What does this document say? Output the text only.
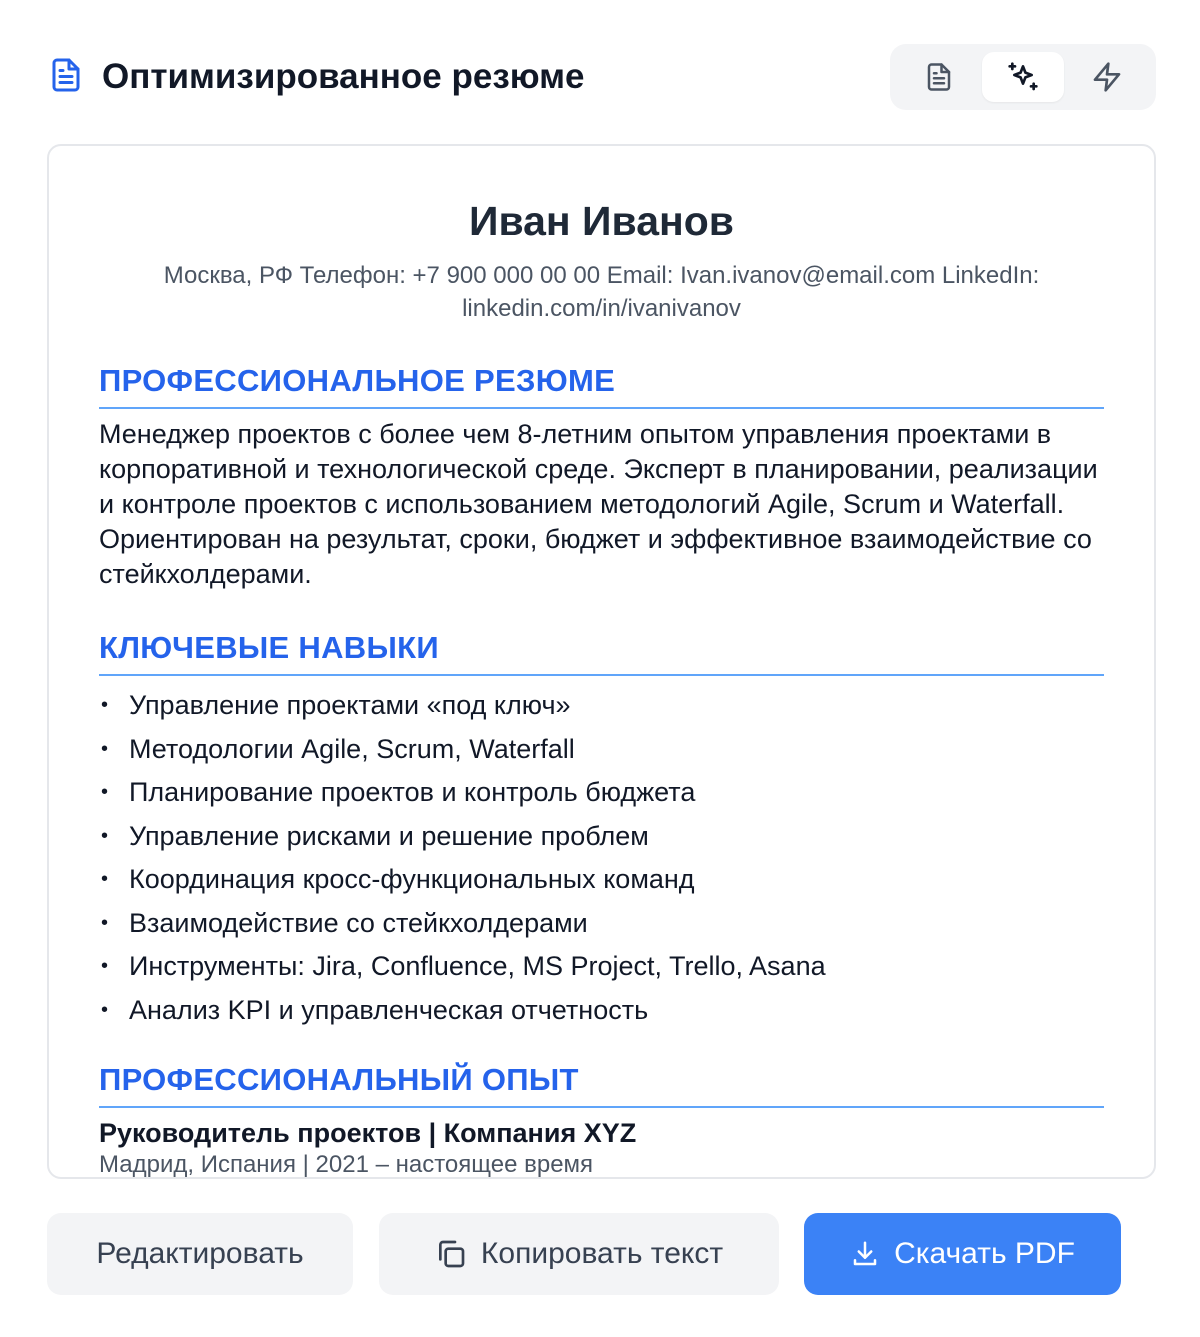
Оптимизированное резюме
Иван Иванов
Москва, РФ Телефон: +7 900 000 00 00 Email: Ivan.ivanov@email.com LinkedIn: linkedin.com/in/ivanivanov
ПРОФЕССИОНАЛЬНОЕ РЕЗЮМЕ
Менеджер проектов с более чем 8-летним опытом управления проектами в корпоративной и технологической среде. Эксперт в планировании, реализации и контроле проектов с использованием методологий Agile, Scrum и Waterfall. Ориентирован на результат, сроки, бюджет и эффективное взаимодействие со стейкхолдерами.
КЛЮЧЕВЫЕ НАВЫКИ
• Управление проектами «под ключ»
• Методологии Agile, Scrum, Waterfall
• Планирование проектов и контроль бюджета
• Управление рисками и решение проблем
• Координация кросс-функциональных команд
• Взаимодействие со стейкхолдерами
• Инструменты: Jira, Confluence, MS Project, Trello, Asana
• Анализ KPI и управленческая отчетность
ПРОФЕССИОНАЛЬНЫЙ ОПЫТ
Руководитель проектов | Компания XYZ
Мадрид, Испания | 2021 – настоящее время
Редактировать	Копировать текст	Скачать PDF
